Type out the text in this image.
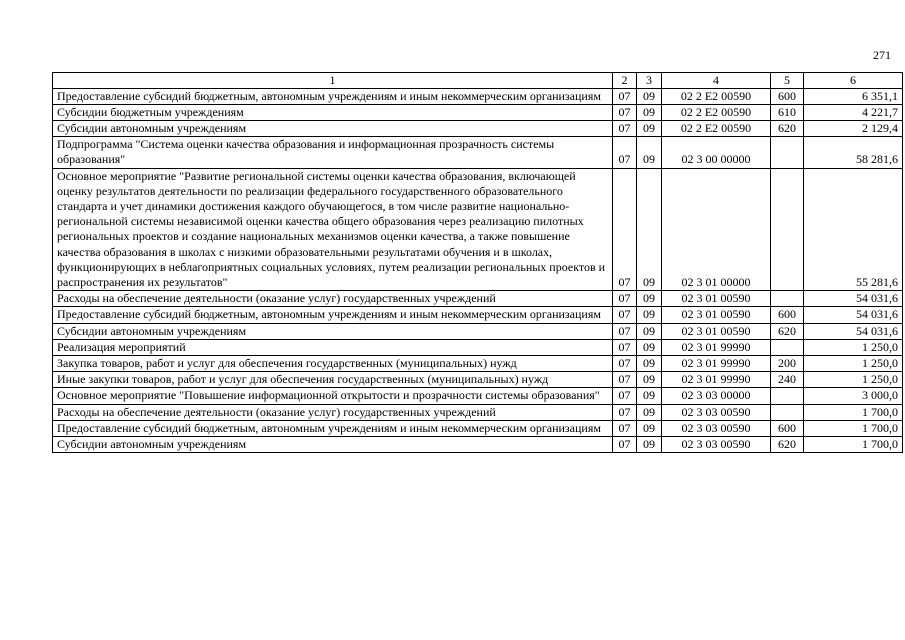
271
1	2	3	4	5	6
Предоставление субсидий бюджетным, автономным учреждениям и иным некоммерческим организациям	07	09	02 2 Е2 00590	600	6 351,1
Субсидии бюджетным учреждениям	07	09	02 2 Е2 00590	610	4 221,7
Субсидии автономным учреждениям	07	09	02 2 Е2 00590	620	2 129,4
Подпрограмма "Система оценки качества образования и информационная прозрачность системы образования"	07	09	02 3 00 00000		58 281,6
Основное мероприятие "Развитие региональной системы оценки качества образования, включающей оценку результатов деятельности по реализации федерального государственного образовательного стандарта и учет динамики достижения каждого обучающегося, в том числе развитие национально-региональной системы независимой оценки качества общего образования через реализацию пилотных региональных проектов и создание национальных механизмов оценки качества, а также повышение качества образования в школах с низкими образовательными результатами обучения и в школах, функционирующих в неблагоприятных социальных условиях, путем реализации региональных проектов и распространения их результатов"	07	09	02 3 01 00000		55 281,6
Расходы на обеспечение деятельности (оказание услуг) государственных учреждений	07	09	02 3 01 00590		54 031,6
Предоставление субсидий бюджетным, автономным учреждениям и иным некоммерческим организациям	07	09	02 3 01 00590	600	54 031,6
Субсидии автономным учреждениям	07	09	02 3 01 00590	620	54 031,6
Реализация мероприятий	07	09	02 3 01 99990		1 250,0
Закупка товаров, работ и услуг для обеспечения государственных (муниципальных) нужд	07	09	02 3 01 99990	200	1 250,0
Иные закупки товаров, работ и услуг для обеспечения государственных (муниципальных) нужд	07	09	02 3 01 99990	240	1 250,0
Основное мероприятие "Повышение информационной открытости и прозрачности системы образования"	07	09	02 3 03 00000		3 000,0
Расходы на обеспечение деятельности (оказание услуг) государственных учреждений	07	09	02 3 03 00590		1 700,0
Предоставление субсидий бюджетным, автономным учреждениям и иным некоммерческим организациям	07	09	02 3 03 00590	600	1 700,0
Субсидии автономным учреждениям	07	09	02 3 03 00590	620	1 700,0
